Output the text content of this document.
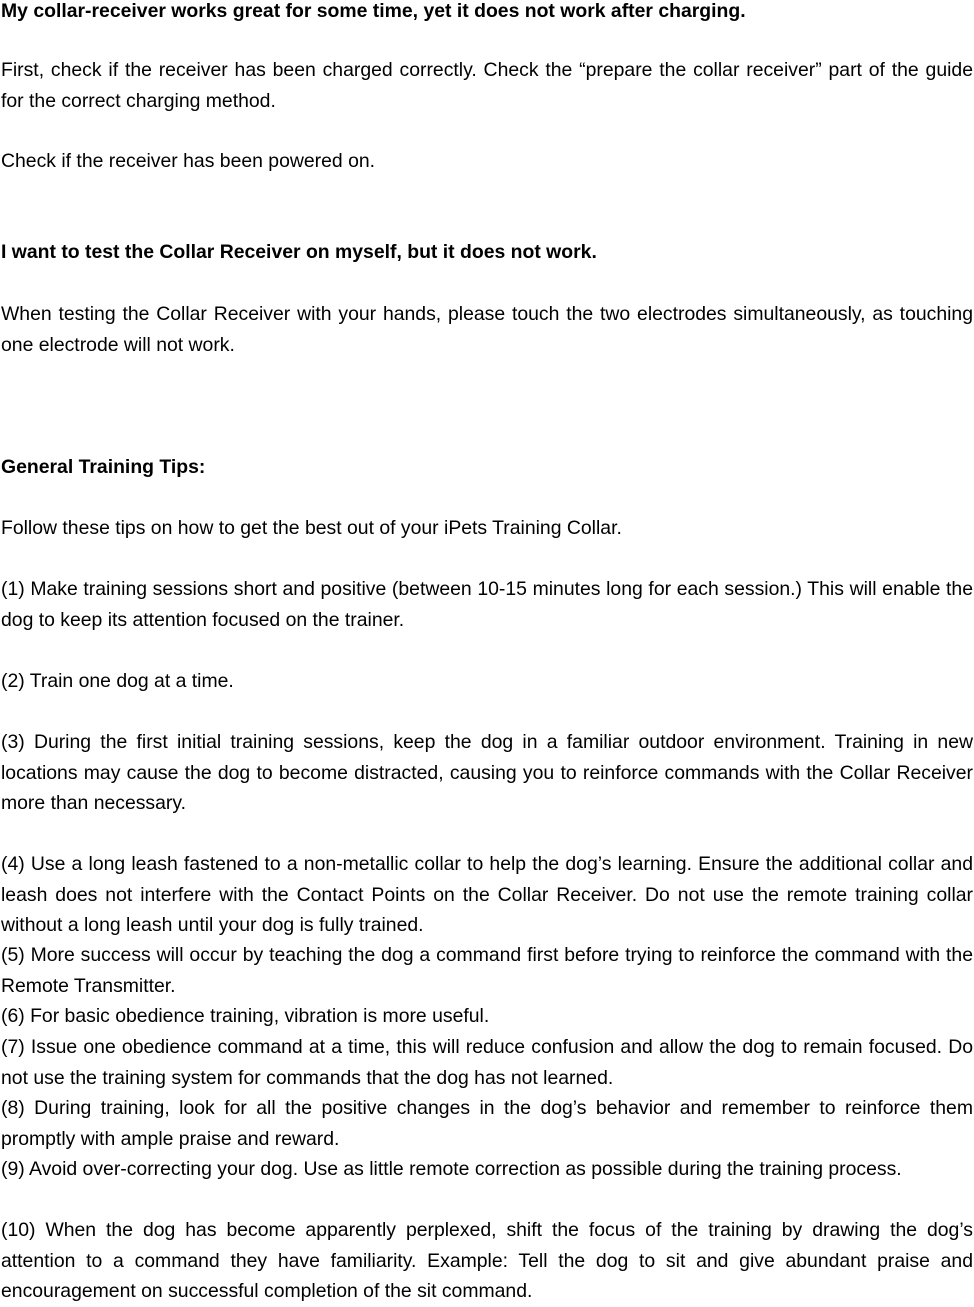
My collar-receiver works great for some time, yet it does not work after charging.

First, check if the receiver has been charged correctly. Check the “prepare the collar receiver” part of the guide for the correct charging method.

Check if the receiver has been powered on.

I want to test the Collar Receiver on myself, but it does not work.

When testing the Collar Receiver with your hands, please touch the two electrodes simultaneously, as touching one electrode will not work.

General Training Tips:

Follow these tips on how to get the best out of your iPets Training Collar.

(1) Make training sessions short and positive (between 10-15 minutes long for each session.) This will enable the dog to keep its attention focused on the trainer.

(2) Train one dog at a time.

(3) During the first initial training sessions, keep the dog in a familiar outdoor environment. Training in new locations may cause the dog to become distracted, causing you to reinforce commands with the Collar Receiver more than necessary.

(4) Use a long leash fastened to a non-metallic collar to help the dog’s learning. Ensure the additional collar and leash does not interfere with the Contact Points on the Collar Receiver. Do not use the remote training collar without a long leash until your dog is fully trained.

(5) More success will occur by teaching the dog a command first before trying to reinforce the command with the Remote Transmitter.

(6) For basic obedience training, vibration is more useful.

(7) Issue one obedience command at a time, this will reduce confusion and allow the dog to remain focused. Do not use the training system for commands that the dog has not learned.

(8) During training, look for all the positive changes in the dog’s behavior and remember to reinforce them promptly with ample praise and reward.

(9) Avoid over-correcting your dog. Use as little remote correction as possible during the training process.

(10) When the dog has become apparently perplexed, shift the focus of the training by drawing the dog’s attention to a command they have familiarity. Example: Tell the dog to sit and give abundant praise and encouragement on successful completion of the sit command.
